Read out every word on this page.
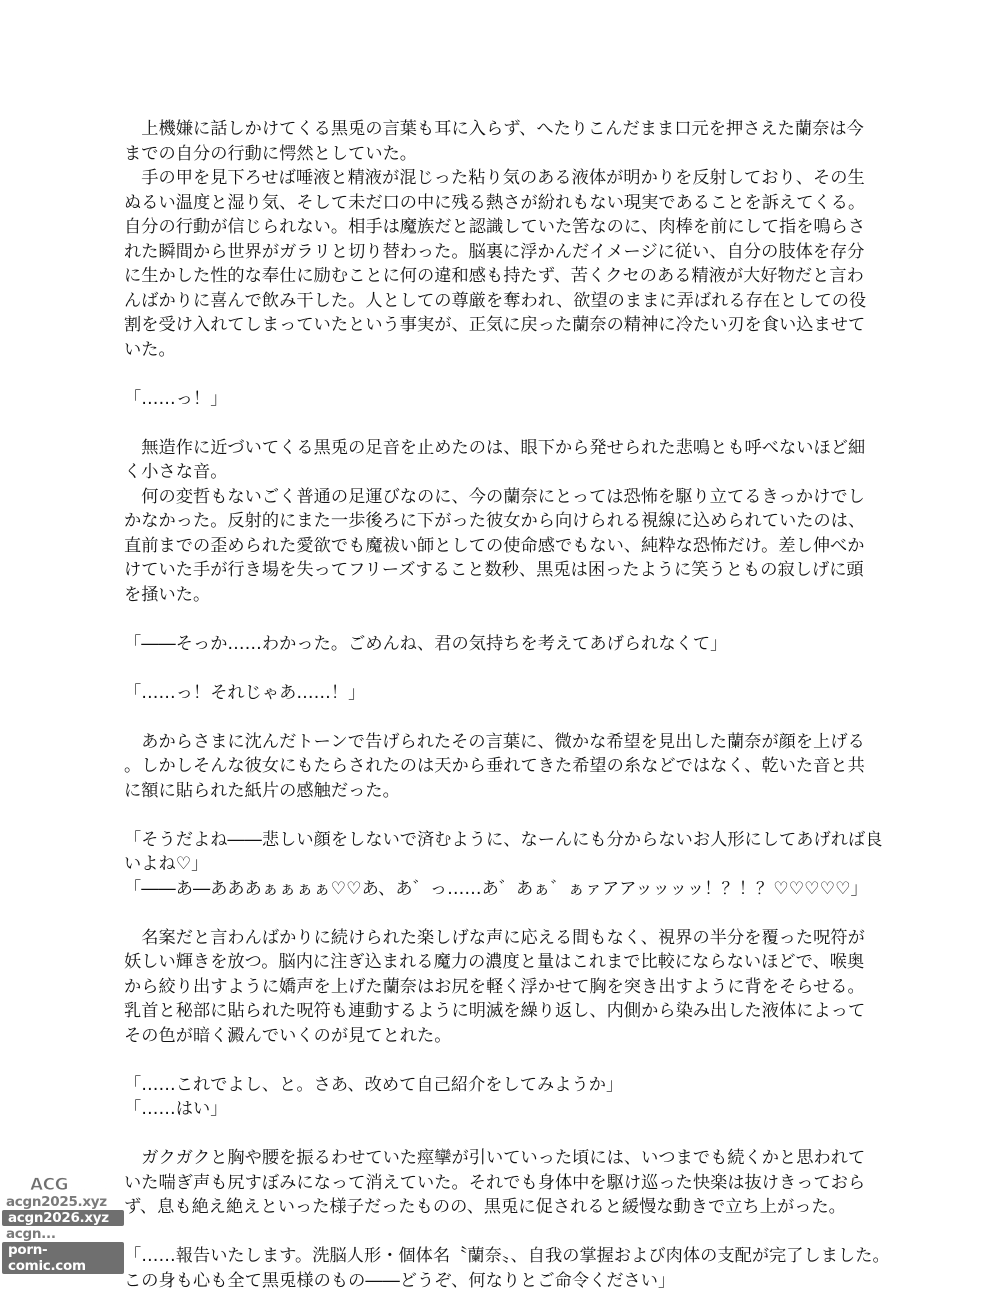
　上機嫌に話しかけてくる黒兎の言葉も耳に入らず、へたりこんだまま口元を押さえた蘭奈は今
までの自分の行動に愕然としていた。
　手の甲を見下ろせば唾液と精液が混じった粘り気のある液体が明かりを反射しており、その生
ぬるい温度と湿り気、そして未だ口の中に残る熱さが紛れもない現実であることを訴えてくる。
自分の行動が信じられない。相手は魔族だと認識していた筈なのに、肉棒を前にして指を鳴らさ
れた瞬間から世界がガラリと切り替わった。脳裏に浮かんだイメージに従い、自分の肢体を存分
に生かした性的な奉仕に励むことに何の違和感も持たず、苦くクセのある精液が大好物だと言わ
んばかりに喜んで飲み干した。人としての尊厳を奪われ、欲望のままに弄ばれる存在としての役
割を受け入れてしまっていたという事実が、正気に戻った蘭奈の精神に冷たい刃を食い込ませて
いた。
「……っ！」
　無造作に近づいてくる黒兎の足音を止めたのは、眼下から発せられた悲鳴とも呼べないほど細
く小さな音。
　何の変哲もないごく普通の足運びなのに、今の蘭奈にとっては恐怖を駆り立てるきっかけでし
かなかった。反射的にまた一歩後ろに下がった彼女から向けられる視線に込められていたのは、
直前までの歪められた愛欲でも魔祓い師としての使命感でもない、純粋な恐怖だけ。差し伸べか
けていた手が行き場を失ってフリーズすること数秒、黒兎は困ったように笑うともの寂しげに頭
を掻いた。
「――そっか……わかった。ごめんね、君の気持ちを考えてあげられなくて」
「……っ！それじゃあ……！」
　あからさまに沈んだトーンで告げられたその言葉に、微かな希望を見出した蘭奈が顔を上げる
。しかしそんな彼女にもたらされたのは天から垂れてきた希望の糸などではなく、乾いた音と共
に額に貼られた紙片の感触だった。
「そうだよね――悲しい顔をしないで済むように、なーんにも分からないお人形にしてあげれば良
いよね♡」
「――あ―あああぁぁぁぁ♡♡あ、あ゛っ……あ゛あぁ゛ぁァアアッッッッ！？！？♡♡♡♡♡」
　名案だと言わんばかりに続けられた楽しげな声に応える間もなく、視界の半分を覆った呪符が
妖しい輝きを放つ。脳内に注ぎ込まれる魔力の濃度と量はこれまで比較にならないほどで、喉奥
から絞り出すように嬌声を上げた蘭奈はお尻を軽く浮かせて胸を突き出すように背をそらせる。
乳首と秘部に貼られた呪符も連動するように明滅を繰り返し、内側から染み出した液体によって
その色が暗く澱んでいくのが見てとれた。
「……これでよし、と。さあ、改めて自己紹介をしてみようか」
「……はい」
　ガクガクと胸や腰を振るわせていた痙攣が引いていった頃には、いつまでも続くかと思われて
いた喘ぎ声も尻すぼみになって消えていた。それでも身体中を駆け巡った快楽は抜けきっておら
ず、息も絶え絶えといった様子だったものの、黒兎に促されると緩慢な動きで立ち上がった。
「……報告いたします。洗脳人形・個体名〝蘭奈〟、自我の掌握および肉体の支配が完了しました。
この身も心も全て黒兎様のもの――どうぞ、何なりとご命令ください」
ACG漫画网
acgn2025.xyz
acgn2026.xyz
acgn...
porn-comic.com
